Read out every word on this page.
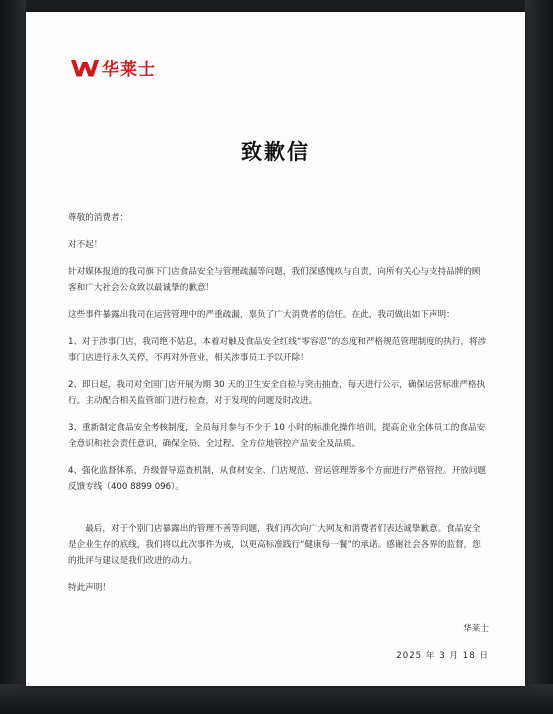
华莱士
致歉信

尊敬的消费者：

对不起！

针对媒体报道的我司旗下门店食品安全与管理疏漏等问题，我们深感愧疚与自责，向所有关心与支持品牌的顾客和广大社会公众致以最诚挚的歉意！

这些事件暴露出我司在运营管理中的严重疏漏，辜负了广大消费者的信任。在此，我司做出如下声明：

1、对于涉事门店，我司绝不姑息，本着对触及食品安全红线“零容忍”的态度和严格规范管理制度的执行，将涉事门店进行永久关停，不再对外营业，相关涉事员工予以开除！

2、即日起，我司对全国门店开展为期 30 天的卫生安全自检与突击抽查，每天进行公示，确保运营标准严格执行。主动配合相关监管部门进行检查，对于发现的问题及时改进。

3、重新制定食品安全考核制度，全员每月参与不少于 10 小时的标准化操作培训，提高企业全体员工的食品安全意识和社会责任意识，确保全员、全过程、全方位地管控产品安全及品质。

4、强化监督体系，升级督导巡查机制，从食材安全、门店规范、营运管理等多个方面进行严格管控。开放问题反馈专线（400 8899 096）。

最后，对于个别门店暴露出的管理不善等问题，我们再次向广大网友和消费者们表达诚挚歉意。食品安全是企业生存的底线，我们将以此次事件为戒，以更高标准践行“健康每一餐”的承诺。感谢社会各界的监督，您的批评与建议是我们改进的动力。

特此声明！

华莱士
2025 年 3 月 18 日
